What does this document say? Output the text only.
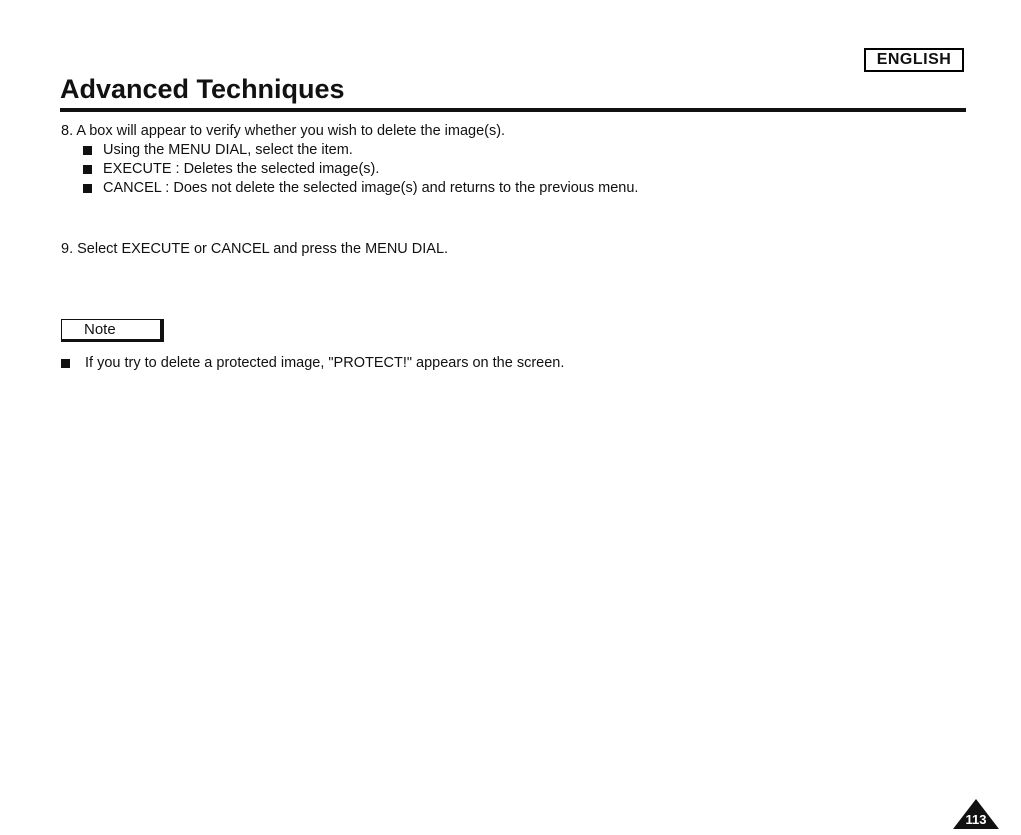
ENGLISH
Advanced Techniques

8. A box will appear to verify whether you wish to delete the image(s).

Using the MENU DIAL, select the item.
EXECUTE : Deletes the selected image(s).
CANCEL : Does not delete the selected image(s) and returns to the previous menu.

9. Select EXECUTE or CANCEL and press the MENU DIAL.

Note
If you try to delete a protected image, "PROTECT!" appears on the screen.
113
